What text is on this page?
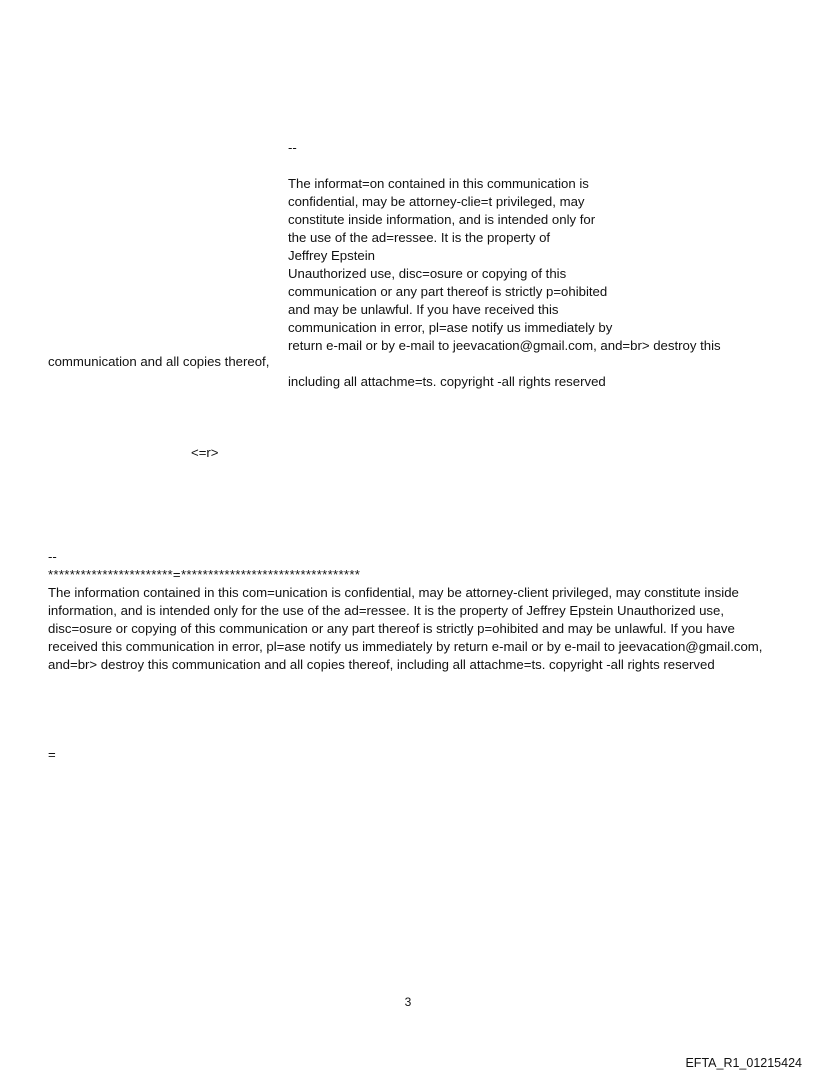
--
The informat=on contained in this communication is
confidential, may be attorney-clie=t privileged, may
constitute inside information, and is intended only for
the use of the ad=ressee. It is the property of
Jeffrey Epstein
Unauthorized use, disc=osure or copying of this
communication or any part thereof is strictly p=ohibited
and may be unlawful. If you have received this
communication in error, pl=ase notify us immediately by
return e-mail or by e-mail to jeevacation@gmail.com, and=br> destroy this
communication and all copies thereof,
including all attachme=ts. copyright -all rights reserved
<=r>
--
***********************=*********************************
The information contained in this com=unication is confidential, may be attorney-client privileged, may constitute inside information, and is intended only for the use of the ad=ressee. It is the property of Jeffrey Epstein Unauthorized use, disc=osure or copying of this communication or any part thereof is strictly p=ohibited and may be unlawful. If you have received this communication in error, pl=ase notify us immediately by return e-mail or by e-mail to jeevacation@gmail.com, and=br> destroy this communication and all copies thereof, including all attachme=ts. copyright -all rights reserved
=
3
EFTA_R1_01215424
